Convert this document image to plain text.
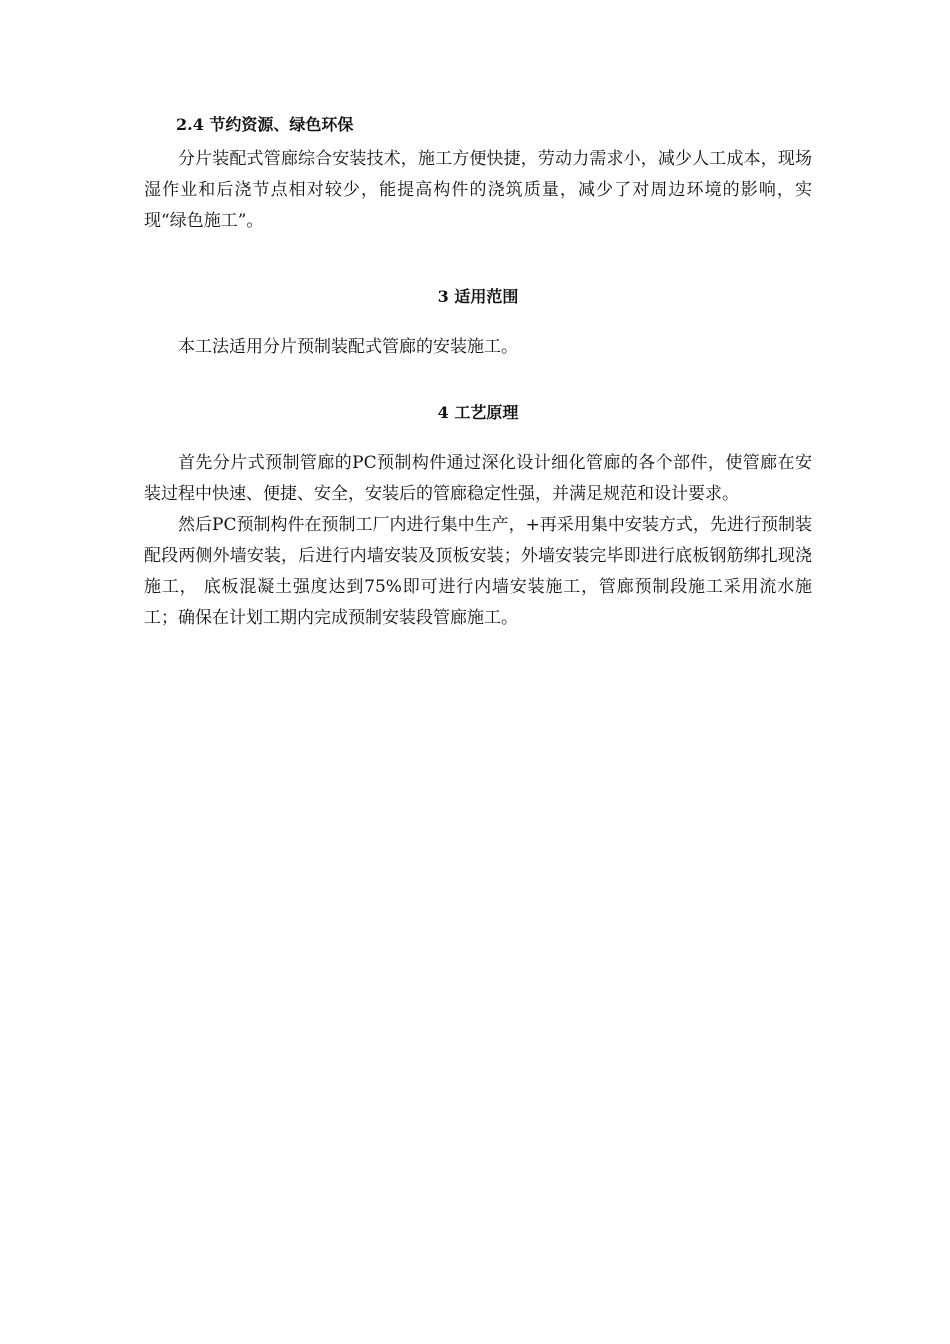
2.4 节约资源、绿色环保

分片装配式管廊综合安装技术，施工方便快捷，劳动力需求小，减少人工成本，现场湿作业和后浇节点相对较少，能提高构件的浇筑质量，减少了对周边环境的影响，实现“绿色施工”。

3 适用范围

本工法适用分片预制装配式管廊的安装施工。

4 工艺原理

首先分片式预制管廊的PC预制构件通过深化设计细化管廊的各个部件，使管廊在安装过程中快速、便捷、安全，安装后的管廊稳定性强，并满足规范和设计要求。

然后PC预制构件在预制工厂内进行集中生产，+再采用集中安装方式，先进行预制装配段两侧外墙安装，后进行内墙安装及顶板安装；外墙安装完毕即进行底板钢筋绑扎现浇施工， 底板混凝土强度达到75%即可进行内墙安装施工，管廊预制段施工采用流水施工；确保在计划工期内完成预制安装段管廊施工。
